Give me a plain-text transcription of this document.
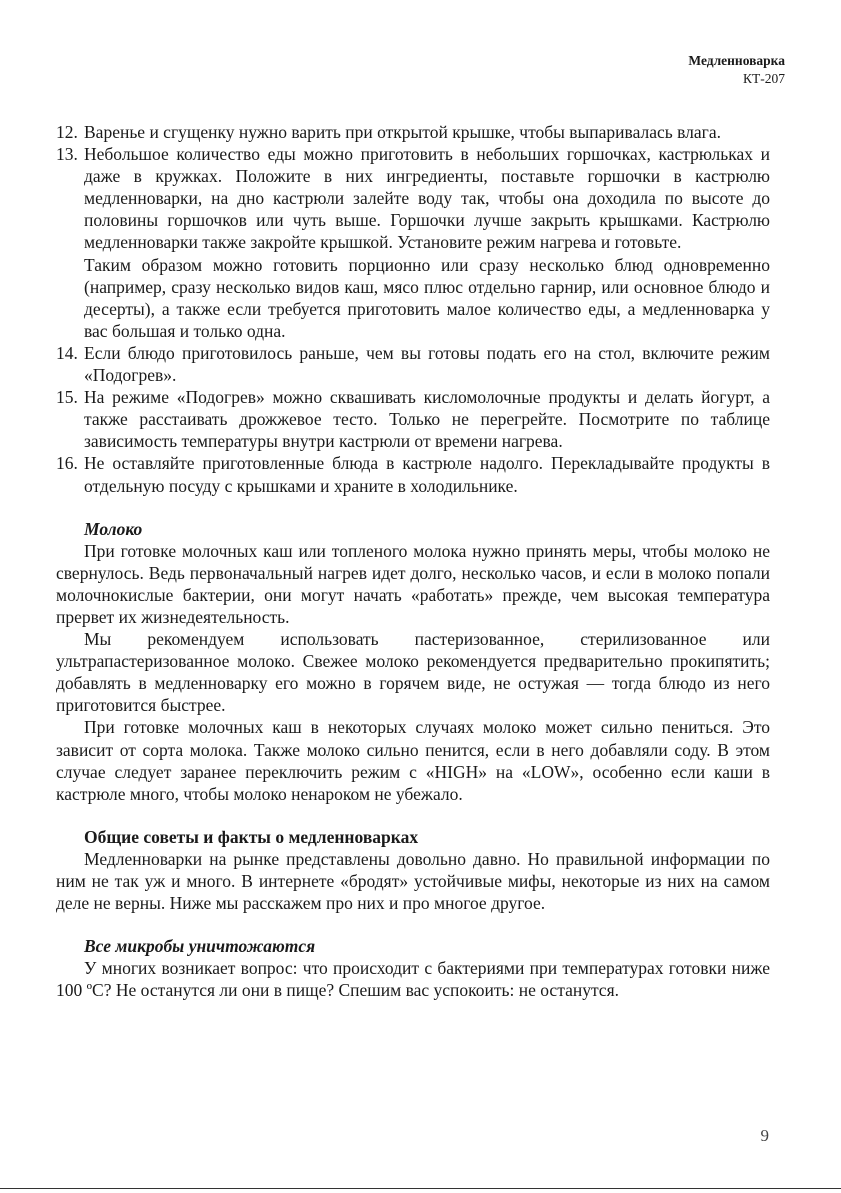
Медленноварка
КТ-207
12. Варенье и сгущенку нужно варить при открытой крышке, чтобы выпаривалась влага.

13. Небольшое количество еды можно приготовить в небольших горшочках, кастрюльках и даже в кружках. Положите в них ингредиенты, поставьте горшочки в кастрюлю медленноварки, на дно кастрюли залейте воду так, чтобы она доходила по высоте до половины горшочков или чуть выше. Горшочки лучше закрыть крышками. Кастрюлю медленноварки также закройте крышкой. Установите режим нагрева и готовьте.

Таким образом можно готовить порционно или сразу несколько блюд одновременно (например, сразу несколько видов каш, мясо плюс отдельно гарнир, или основное блюдо и десерты), а также если требуется приготовить малое количество еды, а медленноварка у вас большая и только одна.

14. Если блюдо приготовилось раньше, чем вы готовы подать его на стол, включите режим «Подогрев».

15. На режиме «Подогрев» можно сквашивать кисломолочные продукты и делать йогурт, а также расстаивать дрожжевое тесто. Только не перегрейте. Посмотрите по таблице зависимость температуры внутри кастрюли от времени нагрева.

16. Не оставляйте приготовленные блюда в кастрюле надолго. Перекладывайте продукты в отдельную посуду с крышками и храните в холодильнике.

Молоко

При готовке молочных каш или топленого молока нужно принять меры, чтобы молоко не свернулось. Ведь первоначальный нагрев идет долго, несколько часов, и если в молоко попали молочнокислые бактерии, они могут начать «работать» прежде, чем высокая температура прервет их жизнедеятельность.

Мы рекомендуем использовать пастеризованное, стерилизованное или ультрапастеризованное молоко. Свежее молоко рекомендуется предварительно прокипятить; добавлять в медленноварку его можно в горячем виде, не остужая — тогда блюдо из него приготовится быстрее.

При готовке молочных каш в некоторых случаях молоко может сильно пениться. Это зависит от сорта молока. Также молоко сильно пенится, если в него добавляли соду. В этом случае следует заранее переключить режим с «HIGH» на «LOW», особенно если каши в кастрюле много, чтобы молоко ненароком не убежало.

Общие советы и факты о медленноварках

Медленноварки на рынке представлены довольно давно. Но правильной информации по ним не так уж и много. В интернете «бродят» устойчивые мифы, некоторые из них на самом деле не верны. Ниже мы расскажем про них и про многое другое.

Все микробы уничтожаются

У многих возникает вопрос: что происходит с бактериями при температурах готовки ниже 100 ºС? Не останутся ли они в пище? Спешим вас успокоить: не останутся.

9
